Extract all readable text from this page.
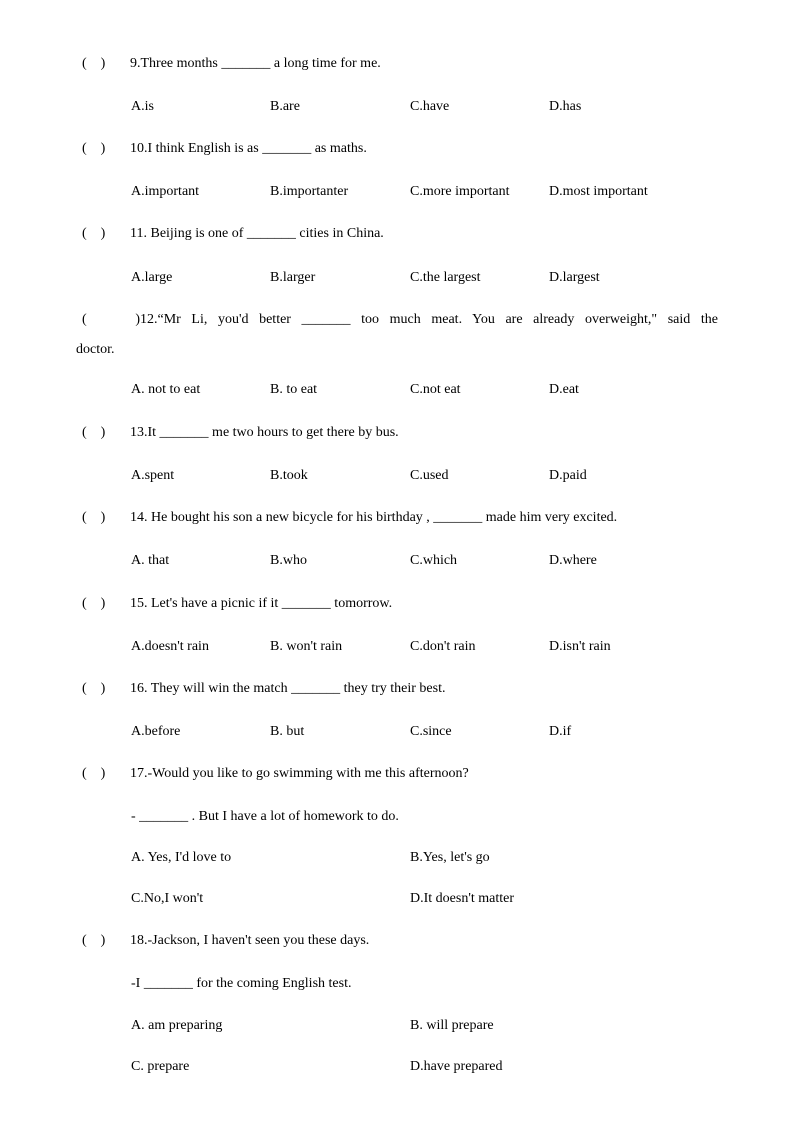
(    ) 9.Three months _______ a long time for me.
A.is	B.are	C.have	D.has
(    ) 10.I think English is as _______ as maths.
A.important	B.importanter	C.more important	D.most important
(    ) 11. Beijing is one of _______ cities in China.
A.large	B.larger	C.the largest	D.largest
(    )12.“Mr Li, you'd better _______ too much meat. You are already overweight," said the
doctor.
A. not to eat	B. to eat	C.not eat	D.eat
(    ) 13.It _______ me two hours to get there by bus.
A.spent	B.took	C.used	D.paid
(    ) 14. He bought his son a new bicycle for his birthday , _______ made him very excited.
A. that	B.who	C.which	D.where
(    ) 15. Let's have a picnic if it _______ tomorrow.
A.doesn't rain	B. won't rain	C.don't rain	D.isn't rain
(    ) 16. They will win the match _______ they try their best.
A.before	B. but	C.since	D.if
(    ) 17.-Would you like to go swimming with me this afternoon?
- _______ . But I have a lot of homework to do.
A. Yes, I'd love to	B.Yes, let's go
C.No,I won't	D.It doesn't matter
(    ) 18.-Jackson, I haven't seen you these days.
-I _______ for the coming English test.
A. am preparing	B. will prepare
C. prepare	D.have prepared
